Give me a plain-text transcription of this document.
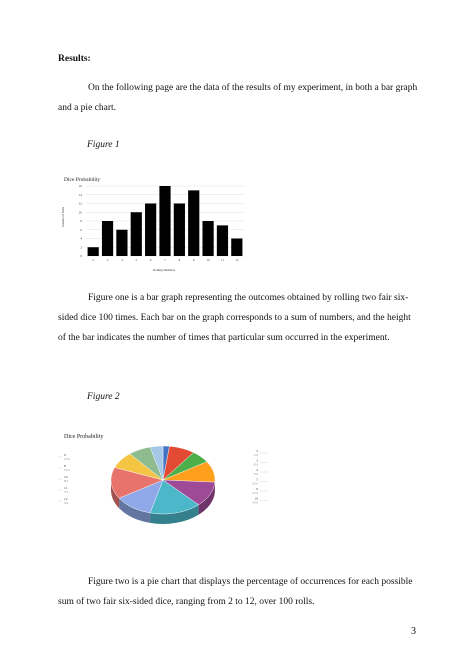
Results:

On the following page are the data of the results of my experiment, in both a bar graph and a pie chart.

Figure 1
Dice Probability
0
2
4
6
8
10
12
14
16
2	3	4	5	6	7	8	9	10	11	12
Number of Rolls
Rolling Numbers

Figure one is a bar graph representing the outcomes obtained by rolling two fair six-sided dice 100 times. Each bar on the graph corresponds to a sum of numbers, and the height of the bar indicates the number of times that particular sum occurred in the experiment.

Figure 2
Dice Probability
2
2%
3
8%
4
6%
5
10%
6
12%
10
16%
9
15%
8
12%
10
8%
11
7%
12
4%

Figure two is a pie chart that displays the percentage of occurrences for each possible sum of two fair six-sided dice, ranging from 2 to 12, over 100 rolls.

3
